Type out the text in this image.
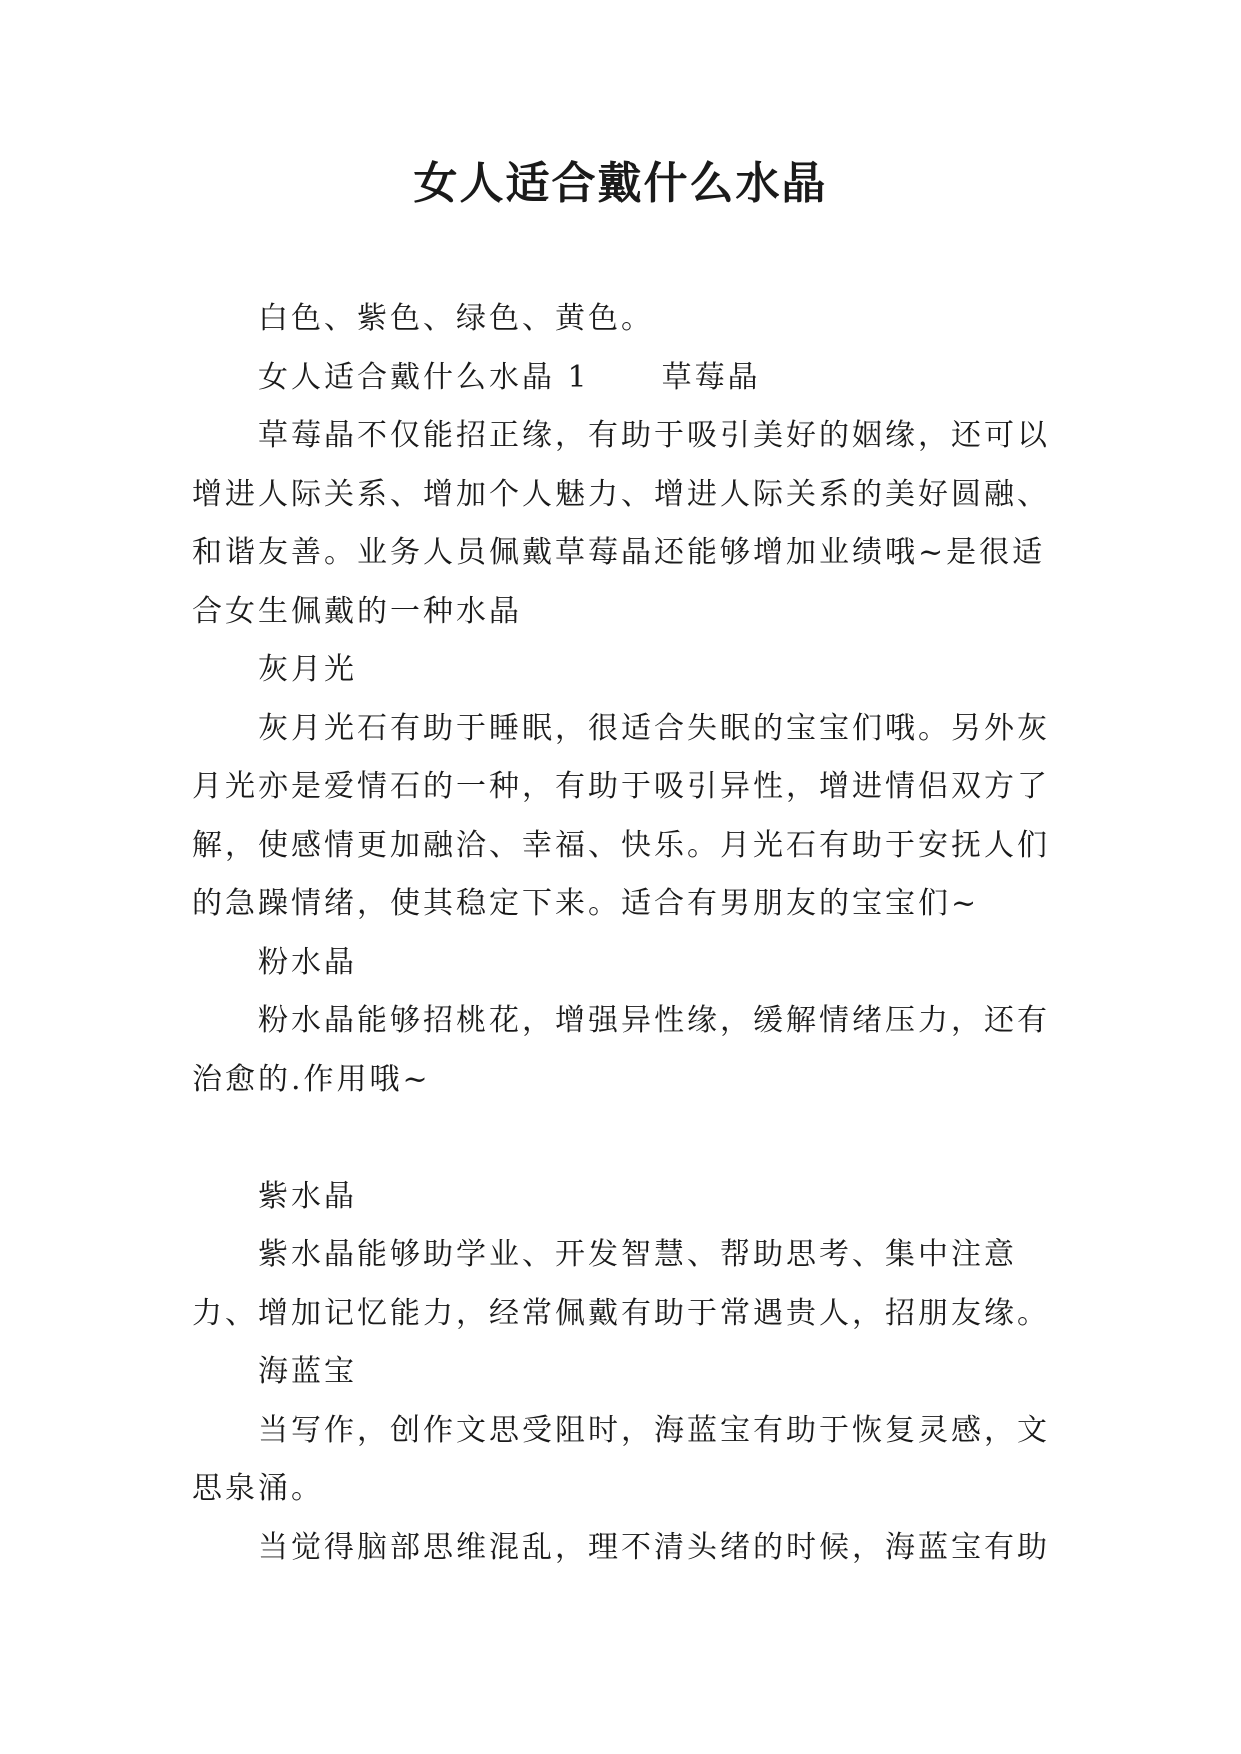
女人适合戴什么水晶

白色、紫色、绿色、黄色。

女人适合戴什么水晶 1 草莓晶

草莓晶不仅能招正缘，有助于吸引美好的姻缘，还可以增进人际关系、增加个人魅力、增进人际关系的美好圆融、和谐友善。业务人员佩戴草莓晶还能够增加业绩哦~是很适合女生佩戴的一种水晶

灰月光

灰月光石有助于睡眠，很适合失眠的宝宝们哦。另外灰月光亦是爱情石的一种，有助于吸引异性，增进情侣双方了解，使感情更加融洽、幸福、快乐。月光石有助于安抚人们的急躁情绪，使其稳定下来。适合有男朋友的宝宝们~

粉水晶

粉水晶能够招桃花，增强异性缘，缓解情绪压力，还有治愈的.作用哦~

紫水晶

紫水晶能够助学业、开发智慧、帮助思考、集中注意力、增加记忆能力，经常佩戴有助于常遇贵人，招朋友缘。

海蓝宝

当写作，创作文思受阻时，海蓝宝有助于恢复灵感，文思泉涌。

当觉得脑部思维混乱，理不清头绪的时候，海蓝宝有助
